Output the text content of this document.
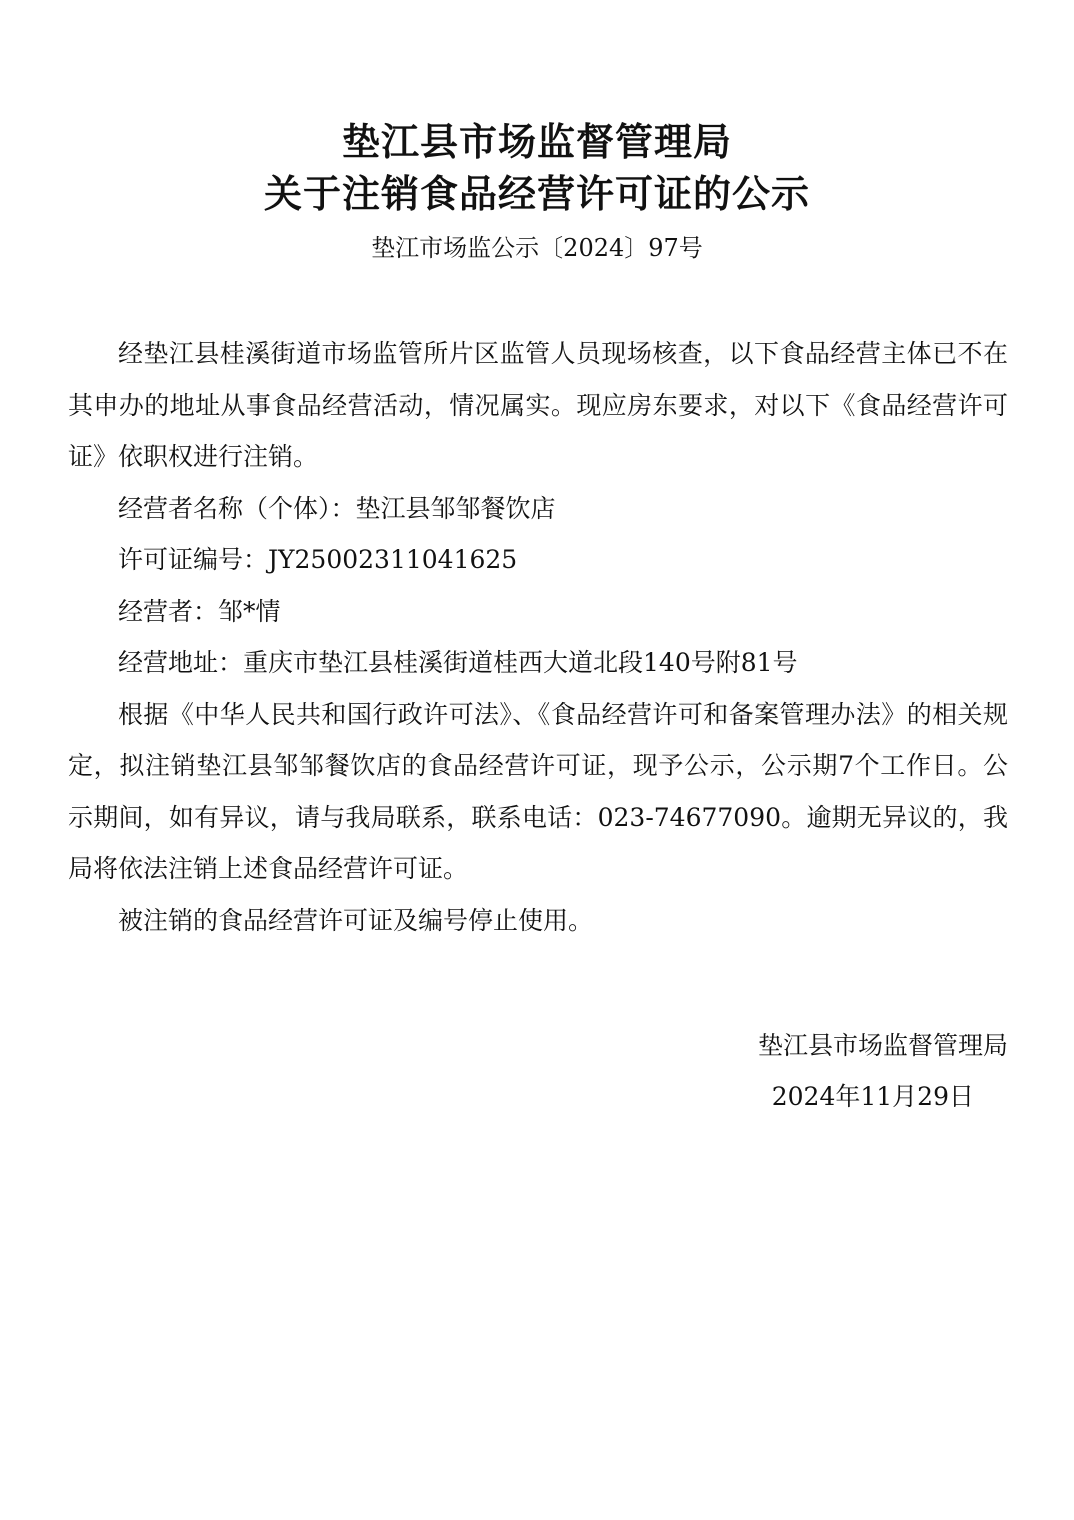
垫江县市场监督管理局
关于注销食品经营许可证的公示
垫江市场监公示〔2024〕97号

经垫江县桂溪街道市场监管所片区监管人员现场核查，以下食品经营主体已不在其申办的地址从事食品经营活动，情况属实。现应房东要求，对以下《食品经营许可证》依职权进行注销。

经营者名称（个体）：垫江县邹邹餐饮店

许可证编号：JY25002311041625

经营者：邹*情

经营地址：重庆市垫江县桂溪街道桂西大道北段140号附81号

根据《中华人民共和国行政许可法》、《食品经营许可和备案管理办法》的相关规定，拟注销垫江县邹邹餐饮店的食品经营许可证，现予公示，公示期7个工作日。公示期间，如有异议，请与我局联系，联系电话：023-74677090。逾期无异议的，我局将依法注销上述食品经营许可证。

被注销的食品经营许可证及编号停止使用。

垫江县市场监督管理局
2024年11月29日
